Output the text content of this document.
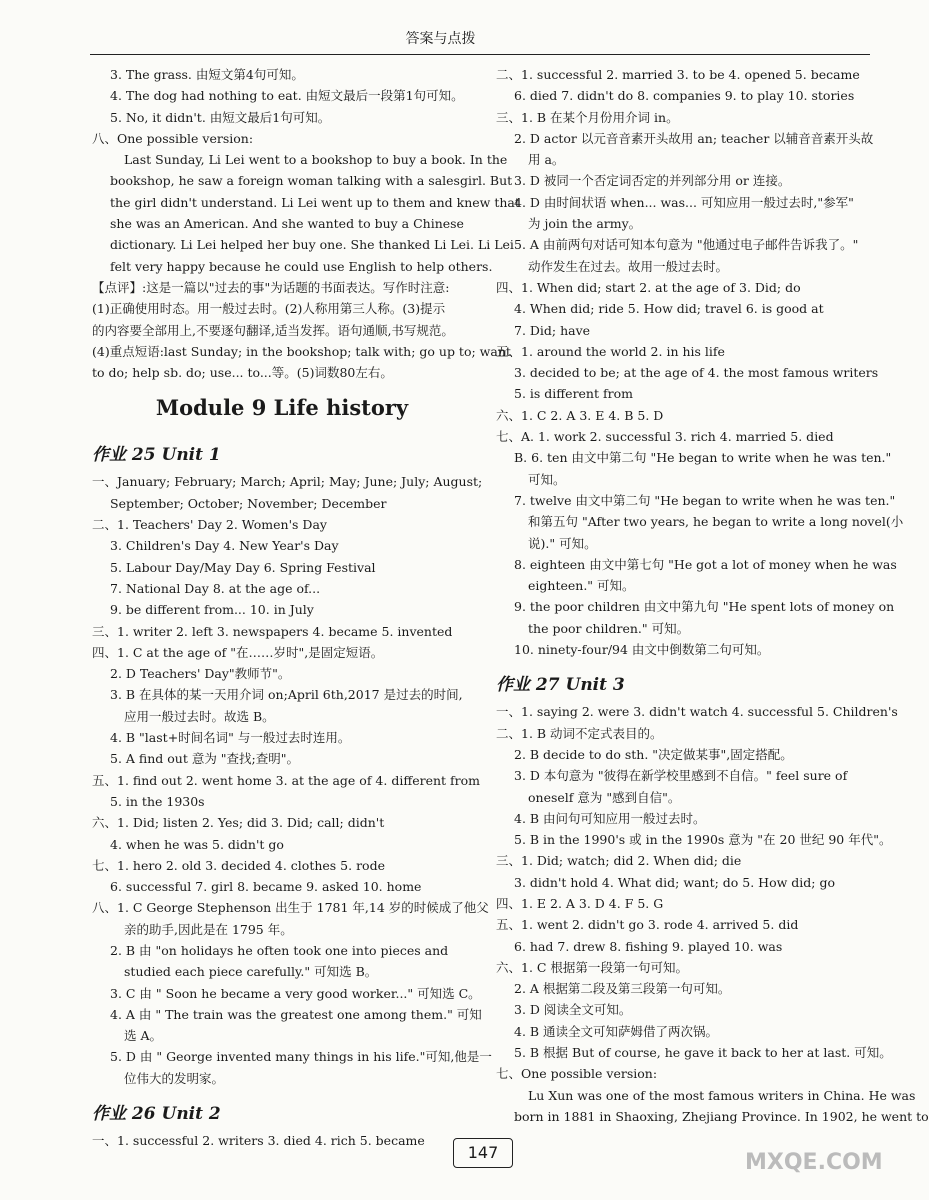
答案与点拨
3. The grass. 由短文第4句可知。
4. The dog had nothing to eat. 由短文最后一段第1句可知。
5. No, it didn't. 由短文最后1句可知。
八、One possible version:
Last Sunday, Li Lei went to a bookshop to buy a book. In the
bookshop, he saw a foreign woman talking with a salesgirl. But
the girl didn't understand. Li Lei went up to them and knew that
she was an American. And she wanted to buy a Chinese
dictionary. Li Lei helped her buy one. She thanked Li Lei. Li Lei
felt very happy because he could use English to help others.
【点评】:这是一篇以"过去的事"为话题的书面表达。写作时注意:
(1)正确使用时态。用一般过去时。(2)人称用第三人称。(3)提示
的内容要全部用上,不要逐句翻译,适当发挥。语句通顺,书写规范。
(4)重点短语:last Sunday; in the bookshop; talk with; go up to; want
to do; help sb. do; use... to...等。(5)词数80左右。
Module 9 Life history
作业 25 Unit 1
一、January; February; March; April; May; June; July; August;
September; October; November; December
二、1. Teachers' Day 2. Women's Day
3. Children's Day 4. New Year's Day
5. Labour Day/May Day 6. Spring Festival
7. National Day 8. at the age of...
9. be different from... 10. in July
三、1. writer 2. left 3. newspapers 4. became 5. invented
四、1. C at the age of "在……岁时",是固定短语。
2. D Teachers' Day"教师节"。
3. B 在具体的某一天用介词 on;April 6th,2017 是过去的时间,
应用一般过去时。故选 B。
4. B "last+时间名词" 与一般过去时连用。
5. A find out 意为 "查找;查明"。
五、1. find out 2. went home 3. at the age of 4. different from
5. in the 1930s
六、1. Did; listen 2. Yes; did 3. Did; call; didn't
4. when he was 5. didn't go
七、1. hero 2. old 3. decided 4. clothes 5. rode
6. successful 7. girl 8. became 9. asked 10. home
八、1. C George Stephenson 出生于 1781 年,14 岁的时候成了他父
亲的助手,因此是在 1795 年。
2. B 由 "on holidays he often took one into pieces and
studied each piece carefully." 可知选 B。
3. C 由 " Soon he became a very good worker..." 可知选 C。
4. A 由 " The train was the greatest one among them." 可知
选 A。
5. D 由 " George invented many things in his life."可知,他是一
位伟大的发明家。
作业 26 Unit 2
一、1. successful 2. writers 3. died 4. rich 5. became
二、1. successful 2. married 3. to be 4. opened 5. became
6. died 7. didn't do 8. companies 9. to play 10. stories
三、1. B 在某个月份用介词 in。
2. D actor 以元音音素开头故用 an; teacher 以辅音音素开头故
用 a。
3. D 被同一个否定词否定的并列部分用 or 连接。
4. D 由时间状语 when... was... 可知应用一般过去时,"参军"
为 join the army。
5. A 由前两句对话可知本句意为 "他通过电子邮件告诉我了。"
动作发生在过去。故用一般过去时。
四、1. When did; start 2. at the age of 3. Did; do
4. When did; ride 5. How did; travel 6. is good at
7. Did; have
五、1. around the world 2. in his life
3. decided to be; at the age of 4. the most famous writers
5. is different from
六、1. C 2. A 3. E 4. B 5. D
七、A. 1. work 2. successful 3. rich 4. married 5. died
B. 6. ten 由文中第二句 "He began to write when he was ten."
可知。
7. twelve 由文中第二句 "He began to write when he was ten."
和第五句 "After two years, he began to write a long novel(小
说)." 可知。
8. eighteen 由文中第七句 "He got a lot of money when he was
eighteen." 可知。
9. the poor children 由文中第九句 "He spent lots of money on
the poor children." 可知。
10. ninety-four/94 由文中倒数第二句可知。
作业 27 Unit 3
一、1. saying 2. were 3. didn't watch 4. successful 5. Children's
二、1. B 动词不定式表目的。
2. B decide to do sth. "决定做某事",固定搭配。
3. D 本句意为 "彼得在新学校里感到不自信。" feel sure of
oneself 意为 "感到自信"。
4. B 由问句可知应用一般过去时。
5. B in the 1990's 或 in the 1990s 意为 "在 20 世纪 90 年代"。
三、1. Did; watch; did 2. When did; die
3. didn't hold 4. What did; want; do 5. How did; go
四、1. E 2. A 3. D 4. F 5. G
五、1. went 2. didn't go 3. rode 4. arrived 5. did
6. had 7. drew 8. fishing 9. played 10. was
六、1. C 根据第一段第一句可知。
2. A 根据第二段及第三段第一句可知。
3. D 阅读全文可知。
4. B 通读全文可知萨姆借了两次锅。
5. B 根据 But of course, he gave it back to her at last. 可知。
七、One possible version:
Lu Xun was one of the most famous writers in China. He was
born in 1881 in Shaoxing, Zhejiang Province. In 1902, he went to
147	MXQE.COM
